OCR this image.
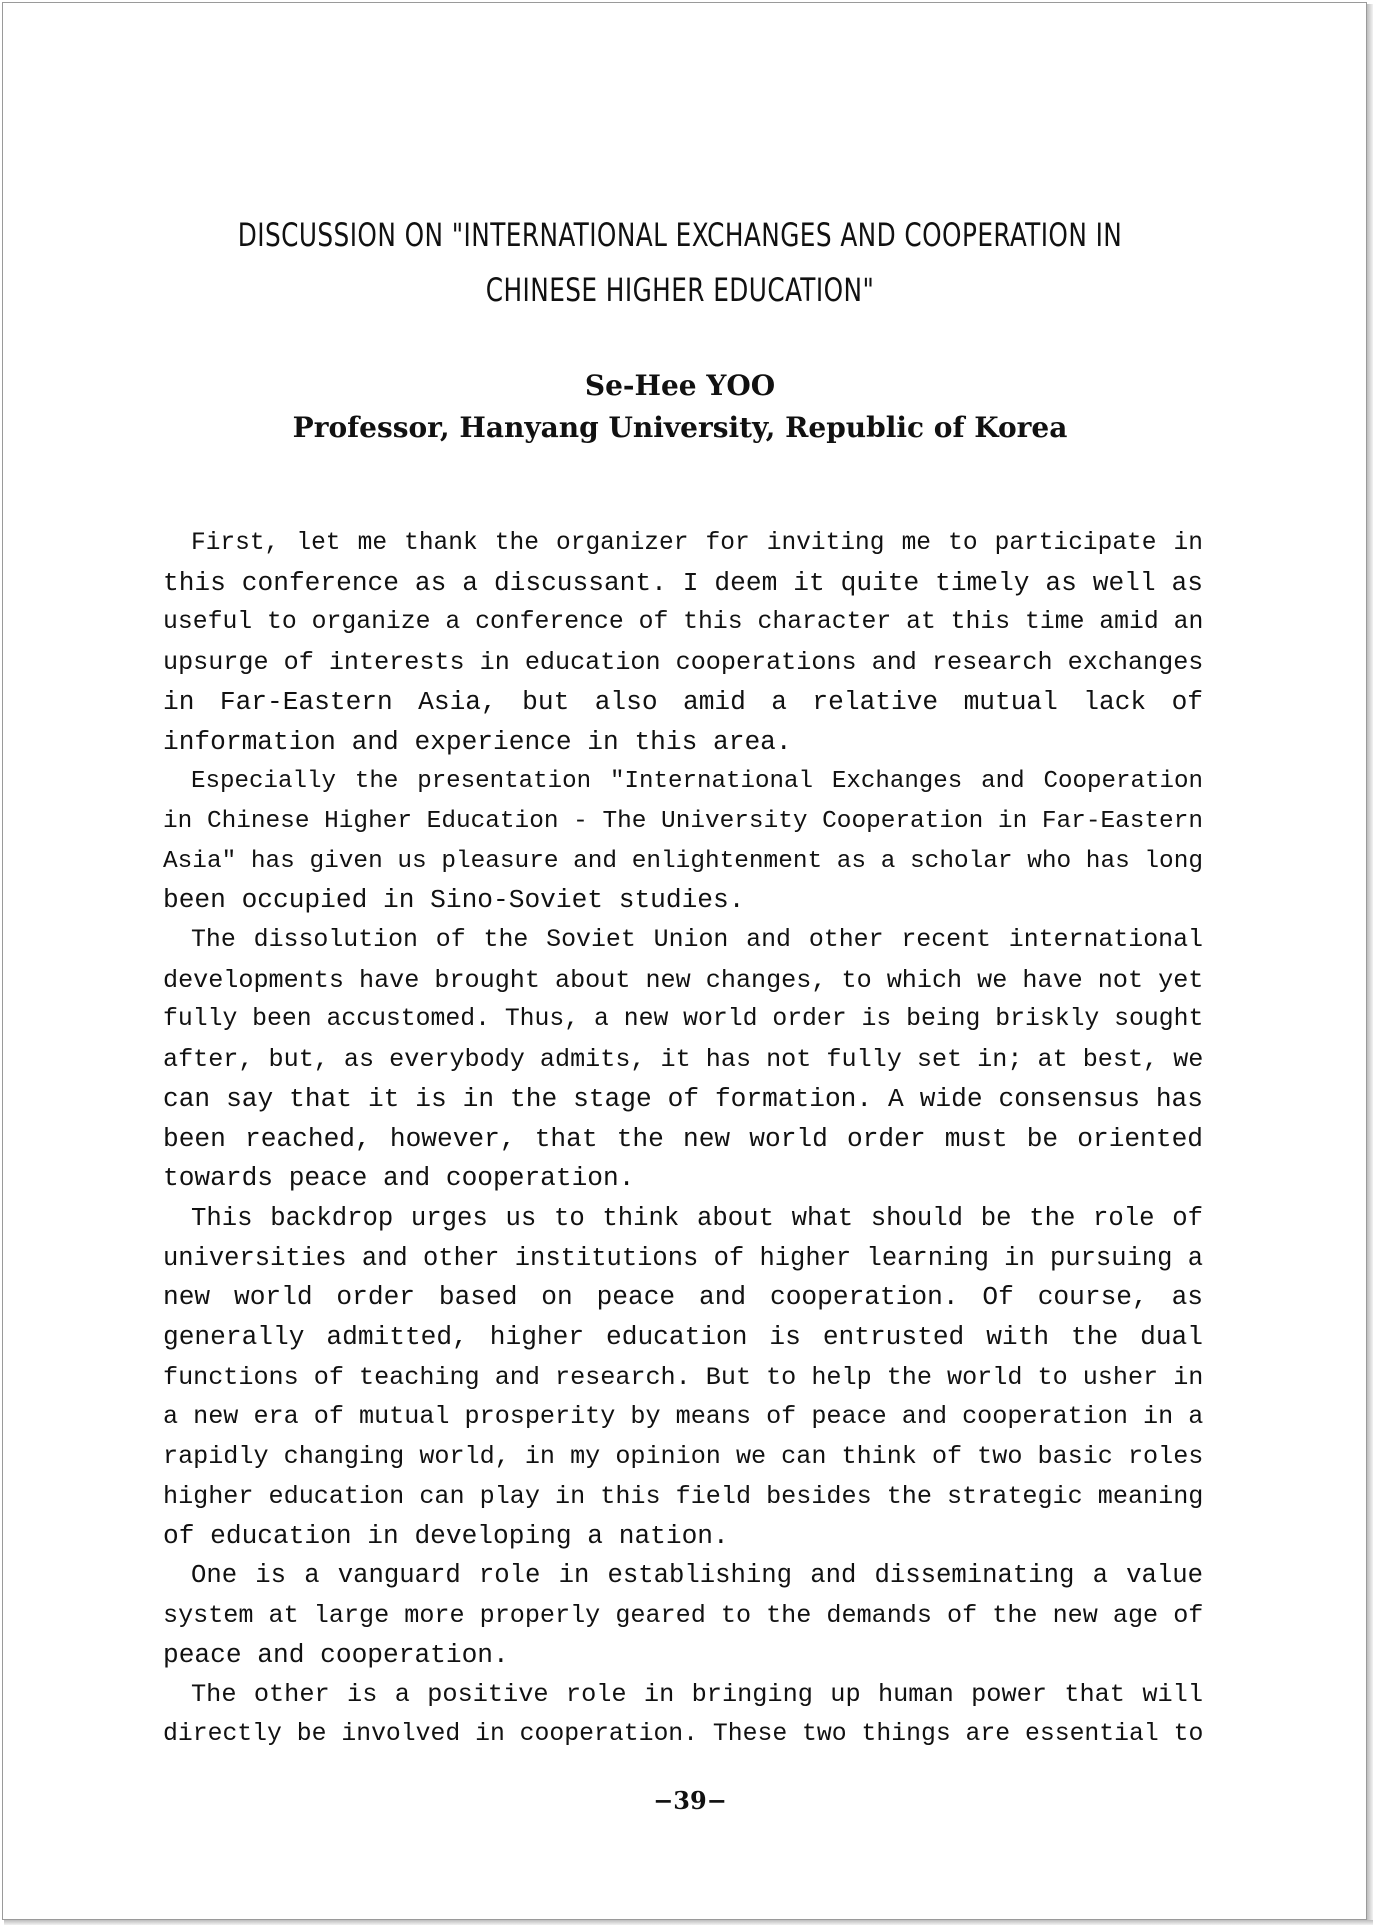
DISCUSSION ON "INTERNATIONAL EXCHANGES AND COOPERATION IN
CHINESE HIGHER EDUCATION"
Se-Hee YOO
Professor, Hanyang University, Republic of Korea
First, let me thank the organizer for inviting me to participate in
this conference as a discussant. I deem it quite timely as well as
useful to organize a conference of this character at this time amid an
upsurge of interests in education cooperations and research exchanges
in Far-Eastern Asia, but also amid a relative mutual lack of
information and experience in this area.
Especially the presentation "International Exchanges and Cooperation
in Chinese Higher Education - The University Cooperation in Far-Eastern
Asia" has given us pleasure and enlightenment as a scholar who has long
been occupied in Sino-Soviet studies.
The dissolution of the Soviet Union and other recent international
developments have brought about new changes, to which we have not yet
fully been accustomed. Thus, a new world order is being briskly sought
after, but, as everybody admits, it has not fully set in; at best, we
can say that it is in the stage of formation. A wide consensus has
been reached, however, that the new world order must be oriented
towards peace and cooperation.
This backdrop urges us to think about what should be the role of
universities and other institutions of higher learning in pursuing a
new world order based on peace and cooperation. Of course, as
generally admitted, higher education is entrusted with the dual
functions of teaching and research. But to help the world to usher in
a new era of mutual prosperity by means of peace and cooperation in a
rapidly changing world, in my opinion we can think of two basic roles
higher education can play in this field besides the strategic meaning
of education in developing a nation.
One is a vanguard role in establishing and disseminating a value
system at large more properly geared to the demands of the new age of
peace and cooperation.
The other is a positive role in bringing up human power that will
directly be involved in cooperation. These two things are essential to
−39−
